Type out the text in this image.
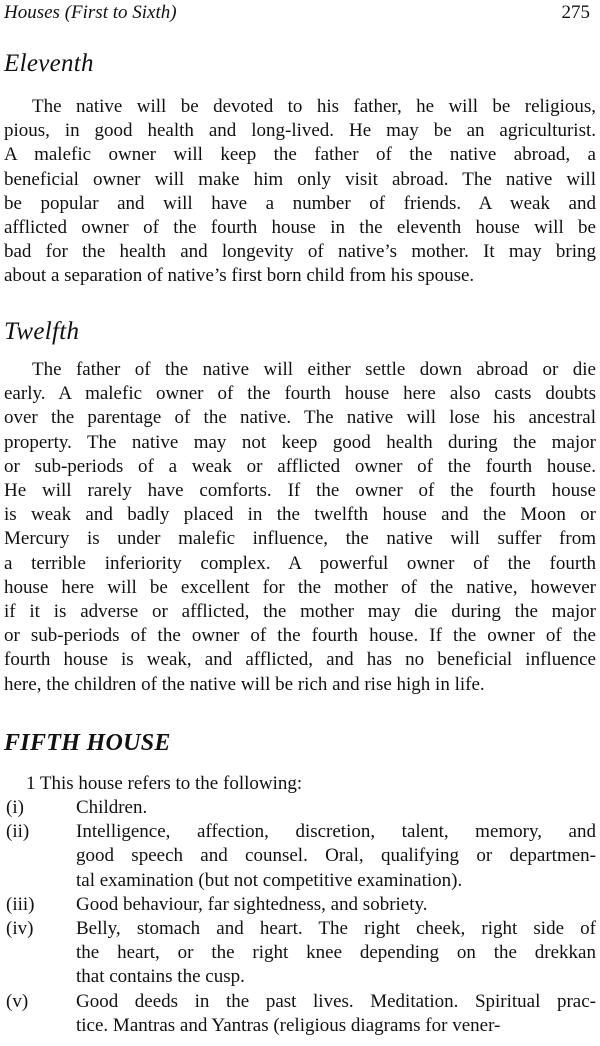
Houses (First to Sixth)	275
Eleventh
The native will be devoted to his father, he will be religious,
pious, in good health and long-lived. He may be an agriculturist.
A malefic owner will keep the father of the native abroad, a
beneficial owner will make him only visit abroad. The native will
be popular and will have a number of friends. A weak and
afflicted owner of the fourth house in the eleventh house will be
bad for the health and longevity of native’s mother. It may bring
about a separation of native’s first born child from his spouse.
Twelfth
The father of the native will either settle down abroad or die
early. A malefic owner of the fourth house here also casts doubts
over the parentage of the native. The native will lose his ancestral
property. The native may not keep good health during the major
or sub-periods of a weak or afflicted owner of the fourth house.
He will rarely have comforts. If the owner of the fourth house
is weak and badly placed in the twelfth house and the Moon or
Mercury is under malefic influence, the native will suffer from
a terrible inferiority complex. A powerful owner of the fourth
house here will be excellent for the mother of the native, however
if it is adverse or afflicted, the mother may die during the major
or sub-periods of the owner of the fourth house. If the owner of the
fourth house is weak, and afflicted, and has no beneficial influence
here, the children of the native will be rich and rise high in life.
FIFTH HOUSE

1 This house refers to the following:

(i)	Children.
(ii)	Intelligence, affection, discretion, talent, memory, and
good speech and counsel. Oral, qualifying or departmen-
tal examination (but not competitive examination).
(iii)	Good behaviour, far sightedness, and sobriety.
(iv)	Belly, stomach and heart. The right cheek, right side of
the heart, or the right knee depending on the drekkan
that contains the cusp.
(v)	Good deeds in the past lives. Meditation. Spiritual prac-
tice. Mantras and Yantras (religious diagrams for vener-
